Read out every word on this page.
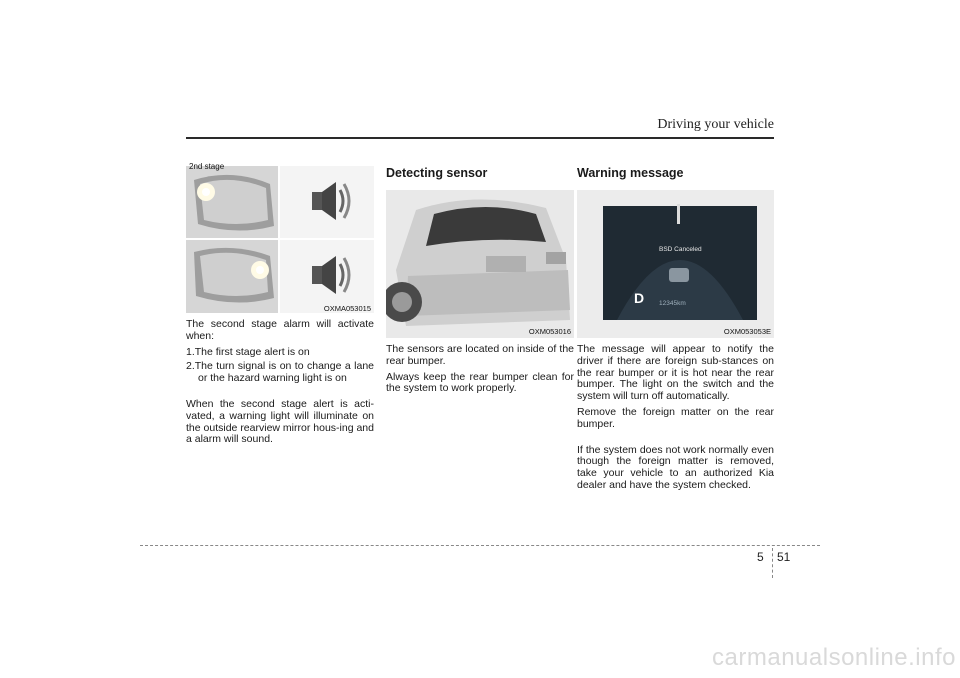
Driving your vehicle
2nd stage
OXMA053015

The second stage alarm will activate when:

1.The first stage alert is on
2.The turn signal is on to change a lane or the hazard warning light is on

When the second stage alert is acti-vated, a warning light will illuminate on the outside rearview mirror hous-ing and a alarm will sound.

Detecting sensor
OXM053016

The sensors are located on inside of the rear bumper.

Always keep the rear bumper clean for the system to work properly.

Warning message
BSD Canceled
D 12345km
OXM053053E

The message will appear to notify the driver if there are foreign sub-stances on the rear bumper or it is hot near the rear bumper. The light on the switch and the system will turn off automatically.

Remove the foreign matter on the rear bumper.

If the system does not work normally even though the foreign matter is removed, take your vehicle to an authorized Kia dealer and have the system checked.

5 51
carmanualsonline.info
